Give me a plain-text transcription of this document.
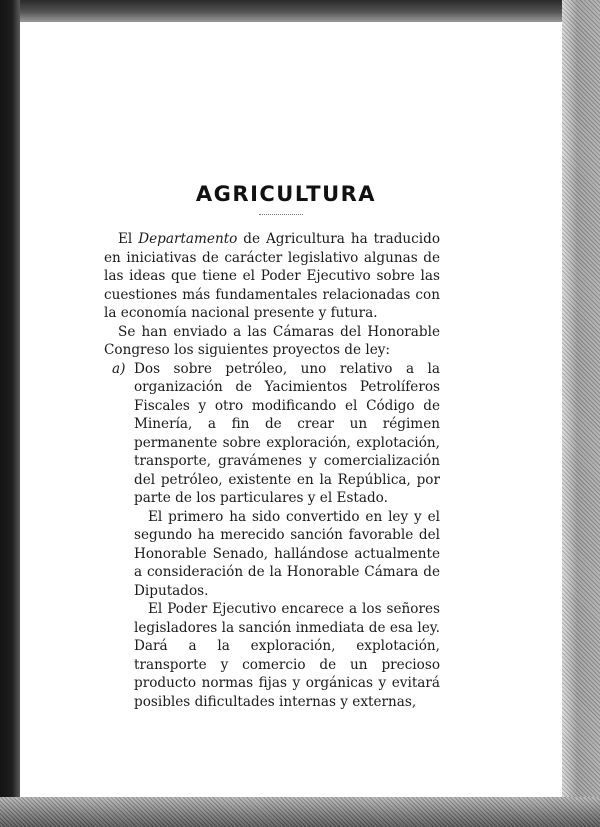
AGRICULTURA

El Departamento de Agricultura ha traducido en iniciativas de carácter legislativo algunas de las ideas que tiene el Poder Ejecutivo sobre las cuestiones más fundamentales relacionadas con la economía nacional presente y futura.

Se han enviado a las Cámaras del Honorable Congreso los siguientes proyectos de ley:

a) Dos sobre petróleo, uno relativo a la organización de Yacimientos Petrolíferos Fiscales y otro modificando el Código de Minería, a fin de crear un régimen permanente sobre exploración, explotación, transporte, gravámenes y comercialización del petróleo, existente en la República, por parte de los particulares y el Estado.

El primero ha sido convertido en ley y el segundo ha merecido sanción favorable del Honorable Senado, hallándose actualmente a consideración de la Honorable Cámara de Diputados.

El Poder Ejecutivo encarece a los señores legisladores la sanción inmediata de esa ley. Dará a la exploración, explotación, transporte y comercio de un precioso producto normas fijas y orgánicas y evitará posibles dificultades internas y externas,
